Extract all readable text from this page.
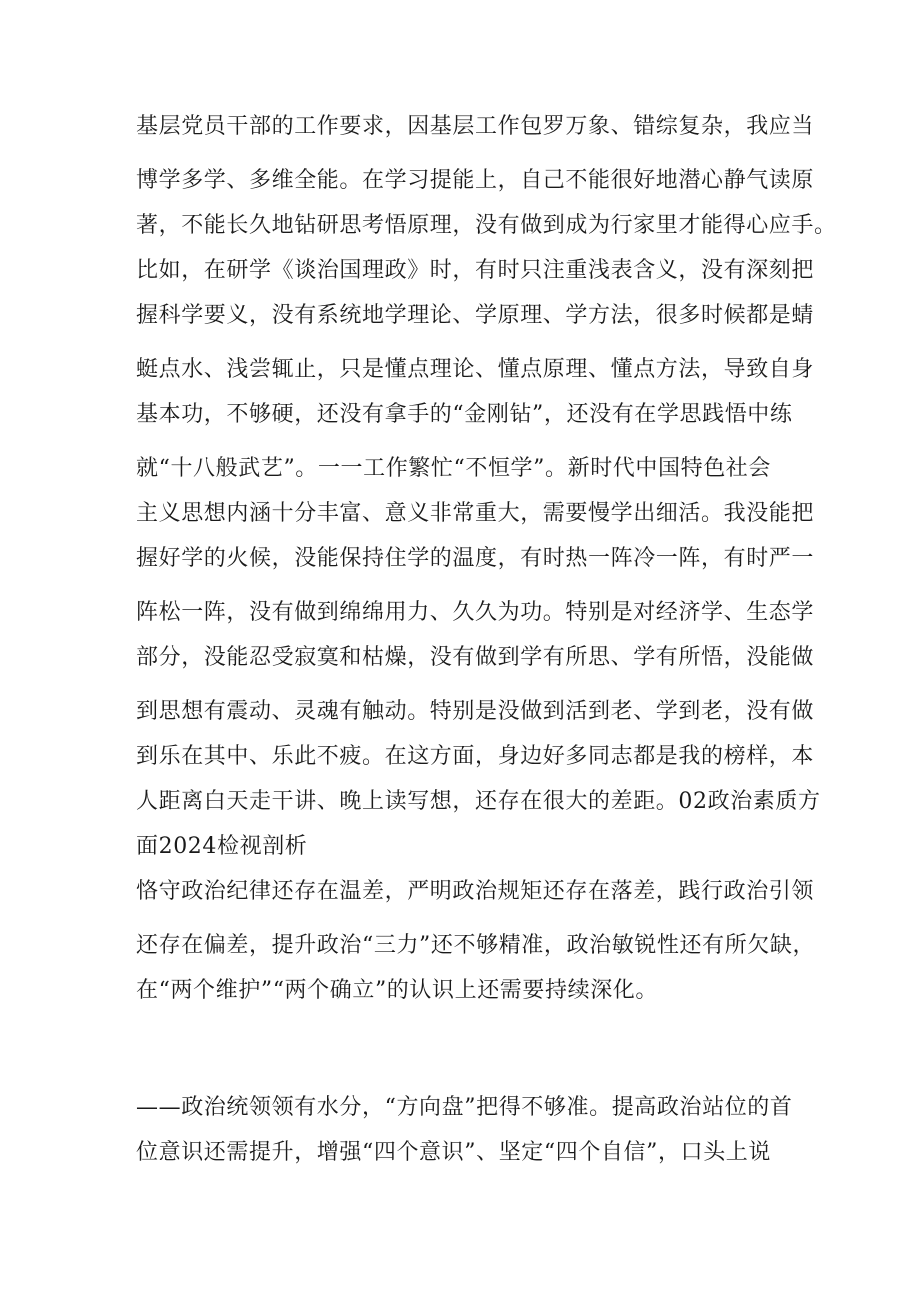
基层党员干部的工作要求，因基层工作包罗万象、错综复杂，我应当
博学多学、多维全能。在学习提能上，自己不能很好地潜心静气读原
著，不能长久地钻研思考悟原理，没有做到成为行家里才能得心应手。
比如，在研学《谈治国理政》时，有时只注重浅表含义，没有深刻把
握科学要义，没有系统地学理论、学原理、学方法，很多时候都是蜻
蜓点水、浅尝辄止，只是懂点理论、懂点原理、懂点方法，导致自身
基本功，不够硬，还没有拿手的“金刚钻”，还没有在学思践悟中练
就“十八般武艺”。一一工作繁忙“不恒学”。新时代中国特色社会
主义思想内涵十分丰富、意义非常重大，需要慢学出细活。我没能把
握好学的火候，没能保持住学的温度，有时热一阵冷一阵，有时严一
阵松一阵，没有做到绵绵用力、久久为功。特别是对经济学、生态学
部分，没能忍受寂寞和枯燥，没有做到学有所思、学有所悟，没能做
到思想有震动、灵魂有触动。特别是没做到活到老、学到老，没有做
到乐在其中、乐此不疲。在这方面，身边好多同志都是我的榜样，本
人距离白天走干讲、晚上读写想，还存在很大的差距。02政治素质方
面2024检视剖析
恪守政治纪律还存在温差，严明政治规矩还存在落差，践行政治引领
还存在偏差，提升政治“三力”还不够精准，政治敏锐性还有所欠缺，
在“两个维护”“两个确立”的认识上还需要持续深化。
——政治统领领有水分，“方向盘”把得不够准。提高政治站位的首
位意识还需提升，增强“四个意识”、坚定“四个自信”，口头上说
